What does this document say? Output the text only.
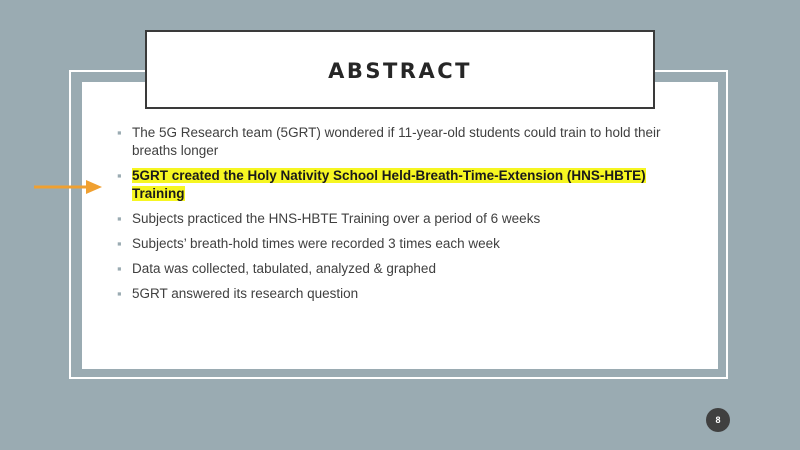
ABSTRACT
▪ The 5G Research team (5GRT) wondered if 11-year-old students could train to hold their breaths longer
▪ 5GRT created the Holy Nativity School Held-Breath-Time-Extension (HNS-HBTE) Training
▪ Subjects practiced the HNS-HBTE Training over a period of 6 weeks
▪ Subjects’ breath-hold times were recorded 3 times each week
▪ Data was collected, tabulated, analyzed & graphed
▪ 5GRT answered its research question
8
